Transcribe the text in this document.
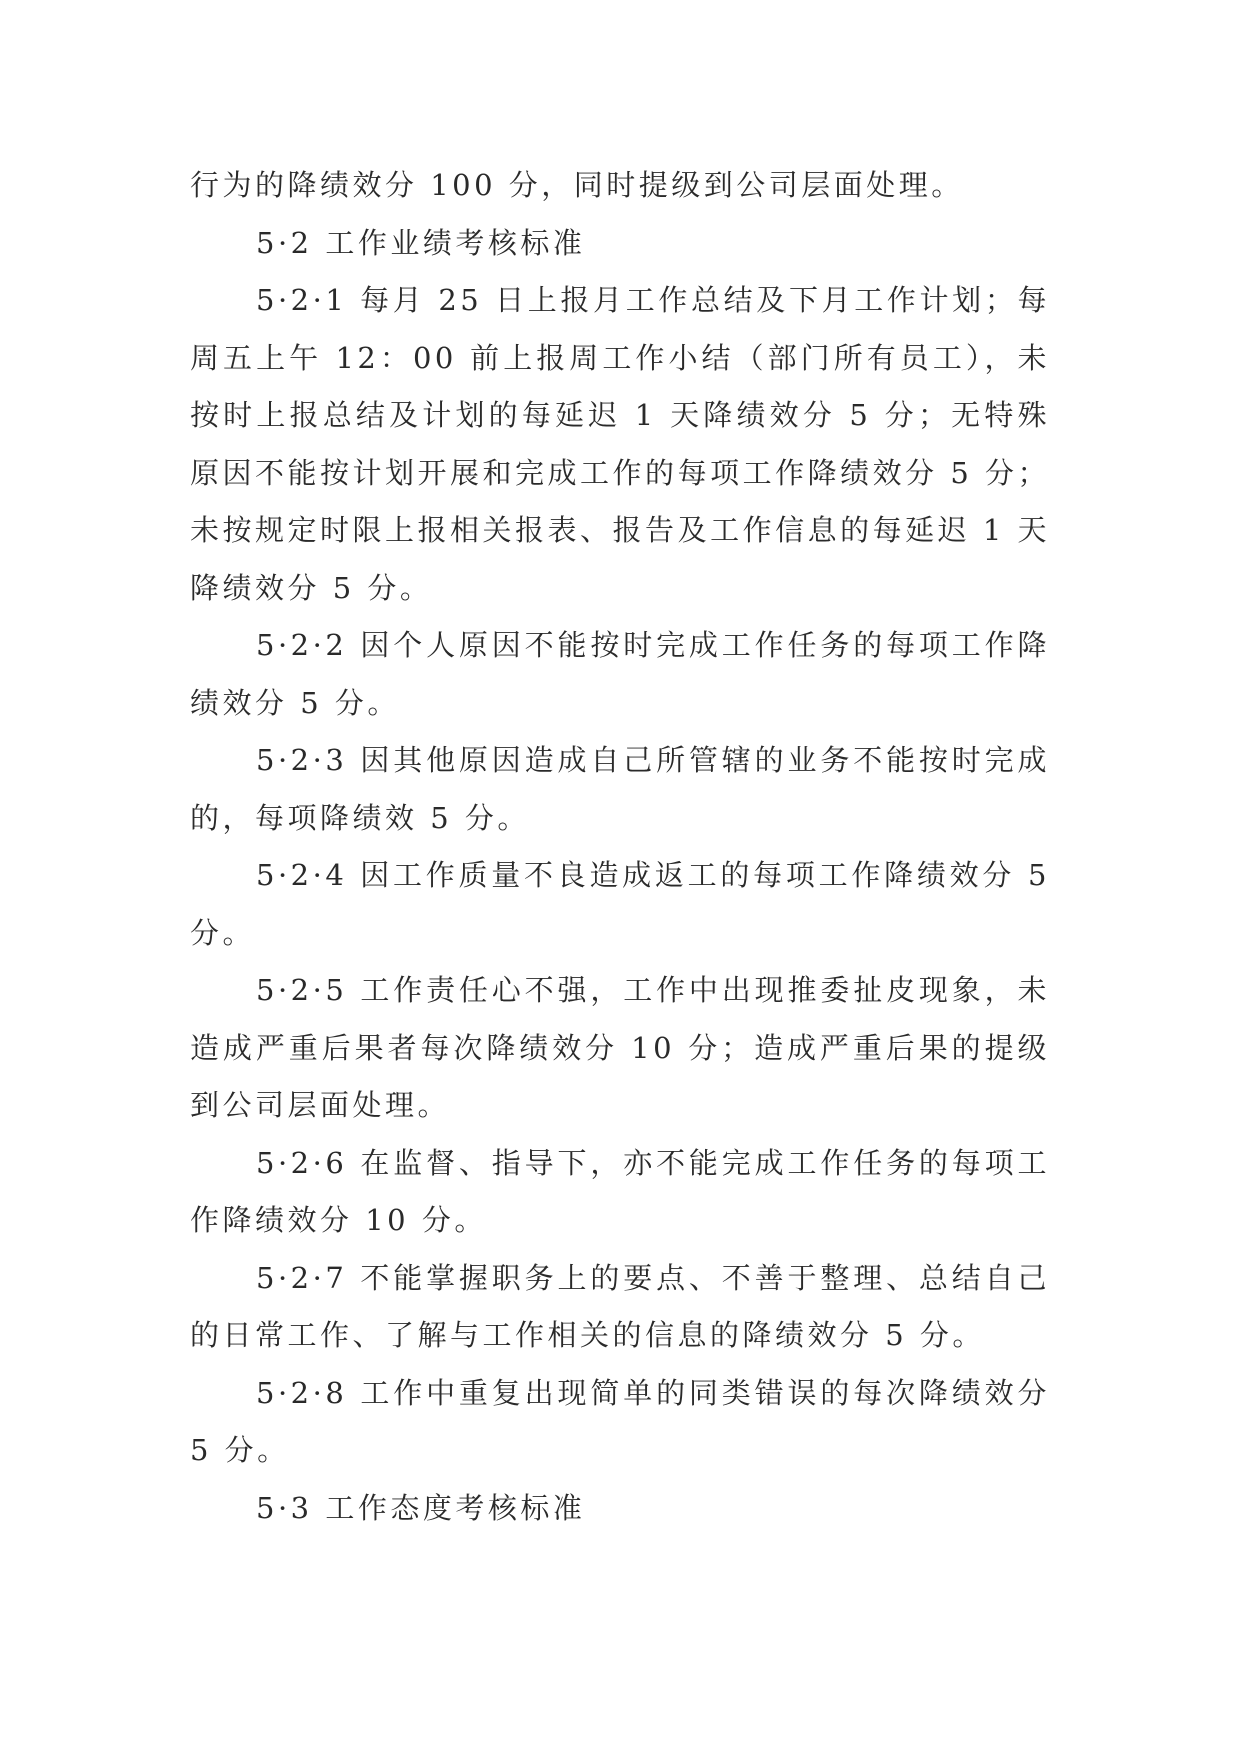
行为的降绩效分 100 分，同时提级到公司层面处理。

5·2 工作业绩考核标准

5·2·1 每月 25 日上报月工作总结及下月工作计划；每周五上午 12：00 前上报周工作小结（部门所有员工），未按时上报总结及计划的每延迟 1 天降绩效分 5 分；无特殊原因不能按计划开展和完成工作的每项工作降绩效分 5 分；未按规定时限上报相关报表、报告及工作信息的每延迟 1 天降绩效分 5 分。

5·2·2 因个人原因不能按时完成工作任务的每项工作降绩效分 5 分。

5·2·3 因其他原因造成自己所管辖的业务不能按时完成的，每项降绩效 5 分。

5·2·4 因工作质量不良造成返工的每项工作降绩效分 5 分。

5·2·5 工作责任心不强，工作中出现推委扯皮现象，未造成严重后果者每次降绩效分 10 分；造成严重后果的提级到公司层面处理。

5·2·6 在监督、指导下，亦不能完成工作任务的每项工作降绩效分 10 分。

5·2·7 不能掌握职务上的要点、不善于整理、总结自己的日常工作、了解与工作相关的信息的降绩效分 5 分。

5·2·8 工作中重复出现简单的同类错误的每次降绩效分 5 分。

5·3 工作态度考核标准
